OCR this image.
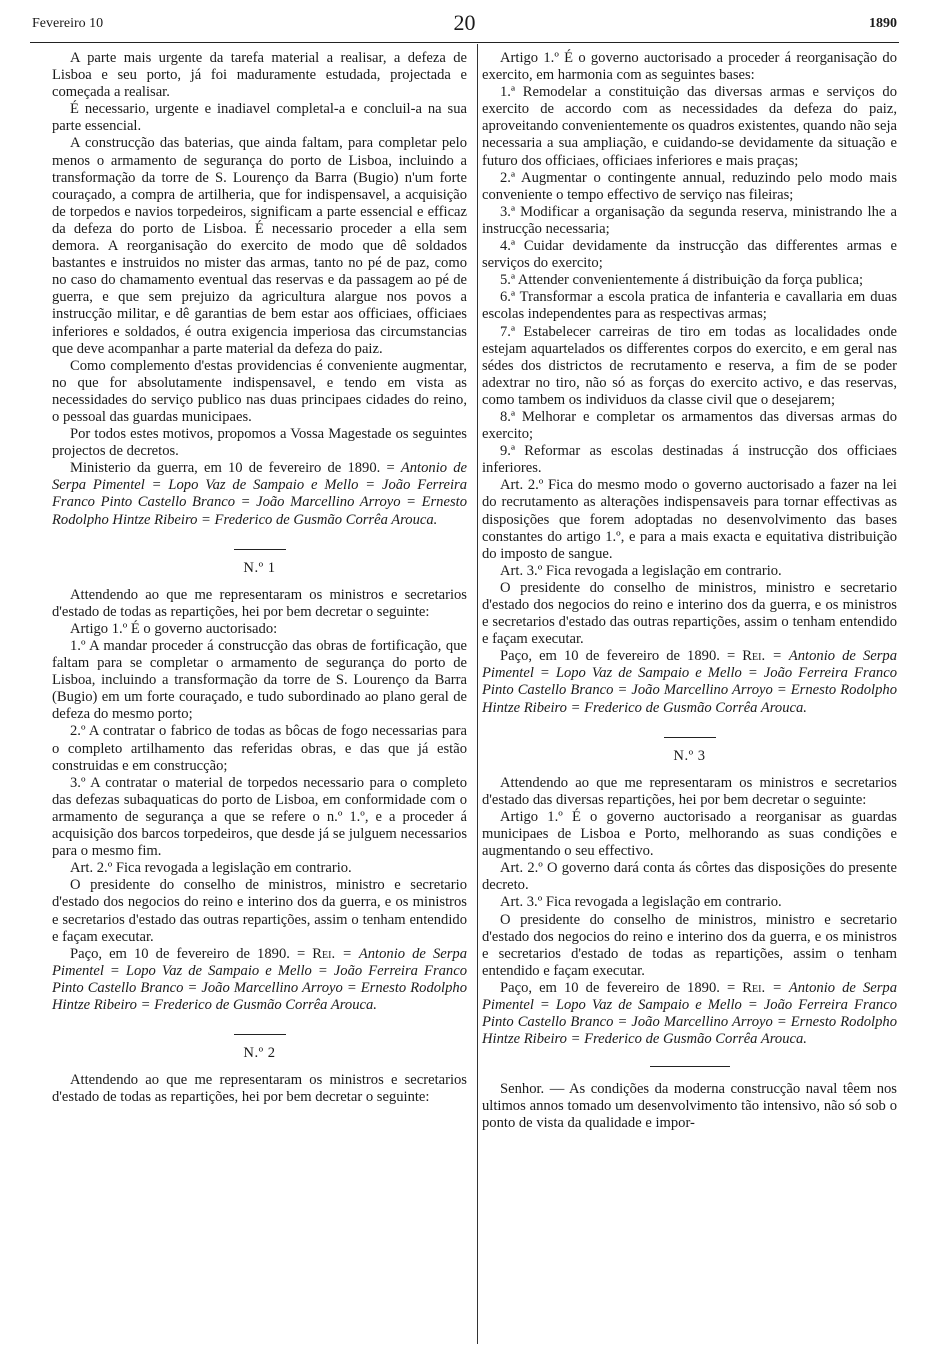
Fevereiro 10	20	1890

A parte mais urgente da tarefa material a realisar, a defeza de Lisboa e seu porto, já foi maduramente estudada, projectada e começada a realisar.

É necessario, urgente e inadiavel completal-a e concluil-a na sua parte essencial.

A construcção das baterias, que ainda faltam, para completar pelo menos o armamento de segurança do porto de Lisboa, incluindo a transformação da torre de S. Lourenço da Barra (Bugio) n'um forte couraçado, a compra de artilheria, que for indispensavel, a acquisição de torpedos e navios torpedeiros, significam a parte essencial e efficaz da defeza do porto de Lisboa. É necessario proceder a ella sem demora. A reorganisação do exercito de modo que dê soldados bastantes e instruidos no mister das armas, tanto no pé de paz, como no caso do chamamento eventual das reservas e da passagem ao pé de guerra, e que sem prejuizo da agricultura alargue nos povos a instrucção militar, e dê garantias de bem estar aos officiaes, officiaes inferiores e soldados, é outra exigencia imperiosa das circumstancias que deve acompanhar a parte material da defeza do paiz.

Como complemento d'estas providencias é conveniente augmentar, no que for absolutamente indispensavel, e tendo em vista as necessidades do serviço publico nas duas principaes cidades do reino, o pessoal das guardas municipaes.

Por todos estes motivos, propomos a Vossa Magestade os seguintes projectos de decretos.

Ministerio da guerra, em 10 de fevereiro de 1890. = Antonio de Serpa Pimentel = Lopo Vaz de Sampaio e Mello = João Ferreira Franco Pinto Castello Branco = João Marcellino Arroyo = Ernesto Rodolpho Hintze Ribeiro = Frederico de Gusmão Corrêa Arouca.

N.º 1

Attendendo ao que me representaram os ministros e secretarios d'estado de todas as repartições, hei por bem decretar o seguinte:

Artigo 1.º É o governo auctorisado:

1.º A mandar proceder á construcção das obras de fortificação, que faltam para se completar o armamento de segurança do porto de Lisboa, incluindo a transformação da torre de S. Lourenço da Barra (Bugio) em um forte couraçado, e tudo subordinado ao plano geral de defeza do mesmo porto;

2.º A contratar o fabrico de todas as bôcas de fogo necessarias para o completo artilhamento das referidas obras, e das que já estão construidas e em construcção;

3.º A contratar o material de torpedos necessario para o completo das defezas subaquaticas do porto de Lisboa, em conformidade com o armamento de segurança a que se refere o n.º 1.º, e a proceder á acquisição dos barcos torpedeiros, que desde já se julguem necessarios para o mesmo fim.

Art. 2.º Fica revogada a legislação em contrario.

O presidente do conselho de ministros, ministro e secretario d'estado dos negocios do reino e interino dos da guerra, e os ministros e secretarios d'estado das outras repartições, assim o tenham entendido e façam executar.

Paço, em 10 de fevereiro de 1890. = Rei. = Antonio de Serpa Pimentel = Lopo Vaz de Sampaio e Mello = João Ferreira Franco Pinto Castello Branco = João Marcellino Arroyo = Ernesto Rodolpho Hintze Ribeiro = Frederico de Gusmão Corrêa Arouca.

N.º 2

Attendendo ao que me representaram os ministros e secretarios d'estado de todas as repartições, hei por bem decretar o seguinte:

Artigo 1.º É o governo auctorisado a proceder á reorganisação do exercito, em harmonia com as seguintes bases:

1.ª Remodelar a constituição das diversas armas e serviços do exercito de accordo com as necessidades da defeza do paiz, aproveitando convenientemente os quadros existentes, quando não seja necessaria a sua ampliação, e cuidando-se devidamente da situação e futuro dos officiaes, officiaes inferiores e mais praças;

2.ª Augmentar o contingente annual, reduzindo pelo modo mais conveniente o tempo effectivo de serviço nas fileiras;

3.ª Modificar a organisação da segunda reserva, ministrando lhe a instrucção necessaria;

4.ª Cuidar devidamente da instrucção das differentes armas e serviços do exercito;

5.ª Attender convenientemente á distribuição da força publica;

6.ª Transformar a escola pratica de infanteria e cavallaria em duas escolas independentes para as respectivas armas;

7.ª Estabelecer carreiras de tiro em todas as localidades onde estejam aquartelados os differentes corpos do exercito, e em geral nas sédes dos districtos de recrutamento e reserva, a fim de se poder adextrar no tiro, não só as forças do exercito activo, e das reservas, como tambem os individuos da classe civil que o desejarem;

8.ª Melhorar e completar os armamentos das diversas armas do exercito;

9.ª Reformar as escolas destinadas á instrucção dos officiaes inferiores.

Art. 2.º Fica do mesmo modo o governo auctorisado a fazer na lei do recrutamento as alterações indispensaveis para tornar effectivas as disposições que forem adoptadas no desenvolvimento das bases constantes do artigo 1.º, e para a mais exacta e equitativa distribuição do imposto de sangue.

Art. 3.º Fica revogada a legislação em contrario.

O presidente do conselho de ministros, ministro e secretario d'estado dos negocios do reino e interino dos da guerra, e os ministros e secretarios d'estado das outras repartições, assim o tenham entendido e façam executar.

Paço, em 10 de fevereiro de 1890. = Rei. = Antonio de Serpa Pimentel = Lopo Vaz de Sampaio e Mello = João Ferreira Franco Pinto Castello Branco = João Marcellino Arroyo = Ernesto Rodolpho Hintze Ribeiro = Frederico de Gusmão Corrêa Arouca.

N.º 3

Attendendo ao que me representaram os ministros e secretarios d'estado das diversas repartições, hei por bem decretar o seguinte:

Artigo 1.º É o governo auctorisado a reorganisar as guardas municipaes de Lisboa e Porto, melhorando as suas condições e augmentando o seu effectivo.

Art. 2.º O governo dará conta ás côrtes das disposições do presente decreto.

Art. 3.º Fica revogada a legislação em contrario.

O presidente do conselho de ministros, ministro e secretario d'estado dos negocios do reino e interino dos da guerra, e os ministros e secretarios d'estado de todas as repartições, assim o tenham entendido e façam executar.

Paço, em 10 de fevereiro de 1890. = Rei. = Antonio de Serpa Pimentel = Lopo Vaz de Sampaio e Mello = João Ferreira Franco Pinto Castello Branco = João Marcellino Arroyo = Ernesto Rodolpho Hintze Ribeiro = Frederico de Gusmão Corrêa Arouca.

Senhor. — As condições da moderna construcção naval têem nos ultimos annos tomado um desenvolvimento tão intensivo, não só sob o ponto de vista da qualidade e impor-
